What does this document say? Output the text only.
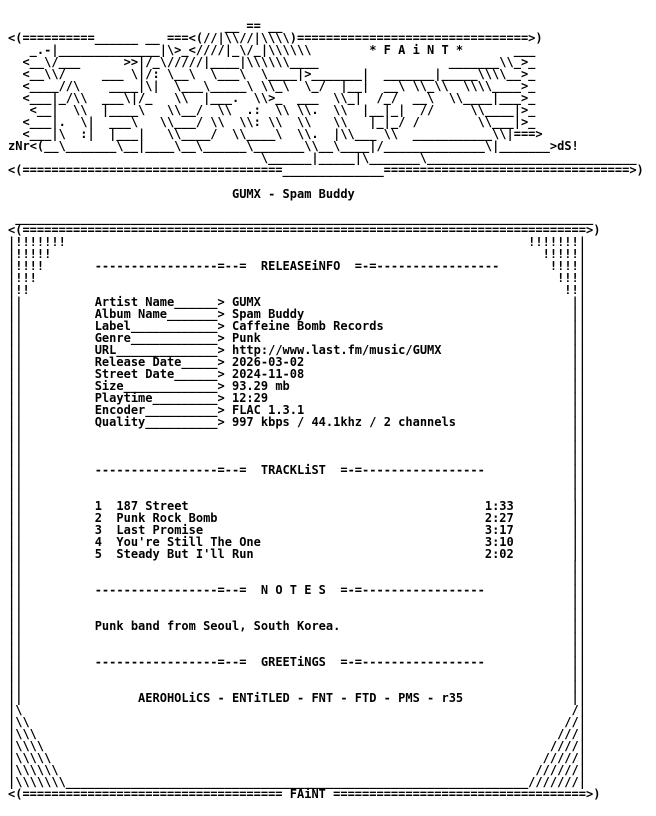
__ == __
<(==========______ __ ===<(//|\\//|\\\\)================================>)
_.-|______________|\>_<////|_\/_|\\\\\\        * F A i N T *       ___
<__\/___      >>|/_\/////|____|\\\\\\____                  _______\\_>_
<__\\/     ___ \|/: \__\  \___\  \____|>_______|  _______|_____\\\\__>_
<____//\    ____|\|  \___\_____\ \\_\  \_/  |__|  __\ \\_\\  \\\\____>_
<___|_/\\  ___\|/_   \\  |___.  \\>_  ___  \\_|  /_/  __\  \\____|___>_
<__|  \\  |____\   \\__/  \\  .:  \\ \\.  \\  |__|_|  //     \\____|>_
<___|.  \|  ___\   \\___/ \\  \\: \\  \\   \\   |_|_/ /        \\___|>_
<___|\  :|  |___|   \\____/  \\____\  \\.  |\\___ \\  ___________\\|===>
zNr<(__\_______\__|____\__\______\_______\\__\____|/______________\|_______>dS!
\______|_____|\_______\_____________________________
<(====================================______________==================================>)

GUMX - Spam Buddy

________________________________________________________________________________
<(==============================================================================>)
|!!!!!!!                                                                !!!!!!!|
|!!!!!                                                                    !!!!!|
|!!!!       -----------------=--=  RELEASEiNFO  =-=-----------------       !!!!|
|!!!                                                                        !!!|
|!!                                                                          !!|
||	Artist Name______> GUMX	||
||	Album Name_______> Spam Buddy	||
||	Label____________> Caffeine Bomb Records	||
||	Genre____________> Punk	||
||	URL______________> http://www.last.fm/music/GUMX	||
||	Release Date_____> 2026-03-02	||
||	Street Date______> 2024-11-08	||
||	Size_____________> 93.29 mb	||
||	Playtime_________> 12:29	||
||	Encoder__________> FLAC 1.3.1	||
||	Quality__________> 997 kbps / 44.1khz / 2 channels	||
||                                                                            ||
||                                                                            ||
||                                                                            ||
||          -----------------=--=  TRACKLiST  =-=-----------------            ||
||                                                                            ||
||                                                                            ||
||	1  187 Street                                         1:33	||
||	2  Punk Rock Bomb                                     2:27	||
||	3  Last Promise                                       3:17	||
||	4  You're Still The One                               3:10	||
||	5  Steady But I'll Run                                2:02	||
||                                                                            ||
||                                                                            ||
||          -----------------=--=  N O T E S  =-=-----------------            ||
||                                                                            ||
||                                                                            ||
||	Punk band from Seoul, South Korea.	||
||                                                                            ||
||                                                                            ||
||          -----------------=--=  GREETiNGS  =-=-----------------            ||
||                                                                            ||
||                                                                            ||
||	AEROHOLiCS - ENTiTLED - FNT - FTD - PMS - r35	||
|\                                                                            /|
|\\                                                                          //|
|\\\                                                                        ///|
|\\\\                                                                      ////|
|\\\\\                                                                    /////|
|\\\\\\                                                                  //////|
|\\\\\\\________________________________________________________________///////|
<(==================================== FAiNT ===================================>)
